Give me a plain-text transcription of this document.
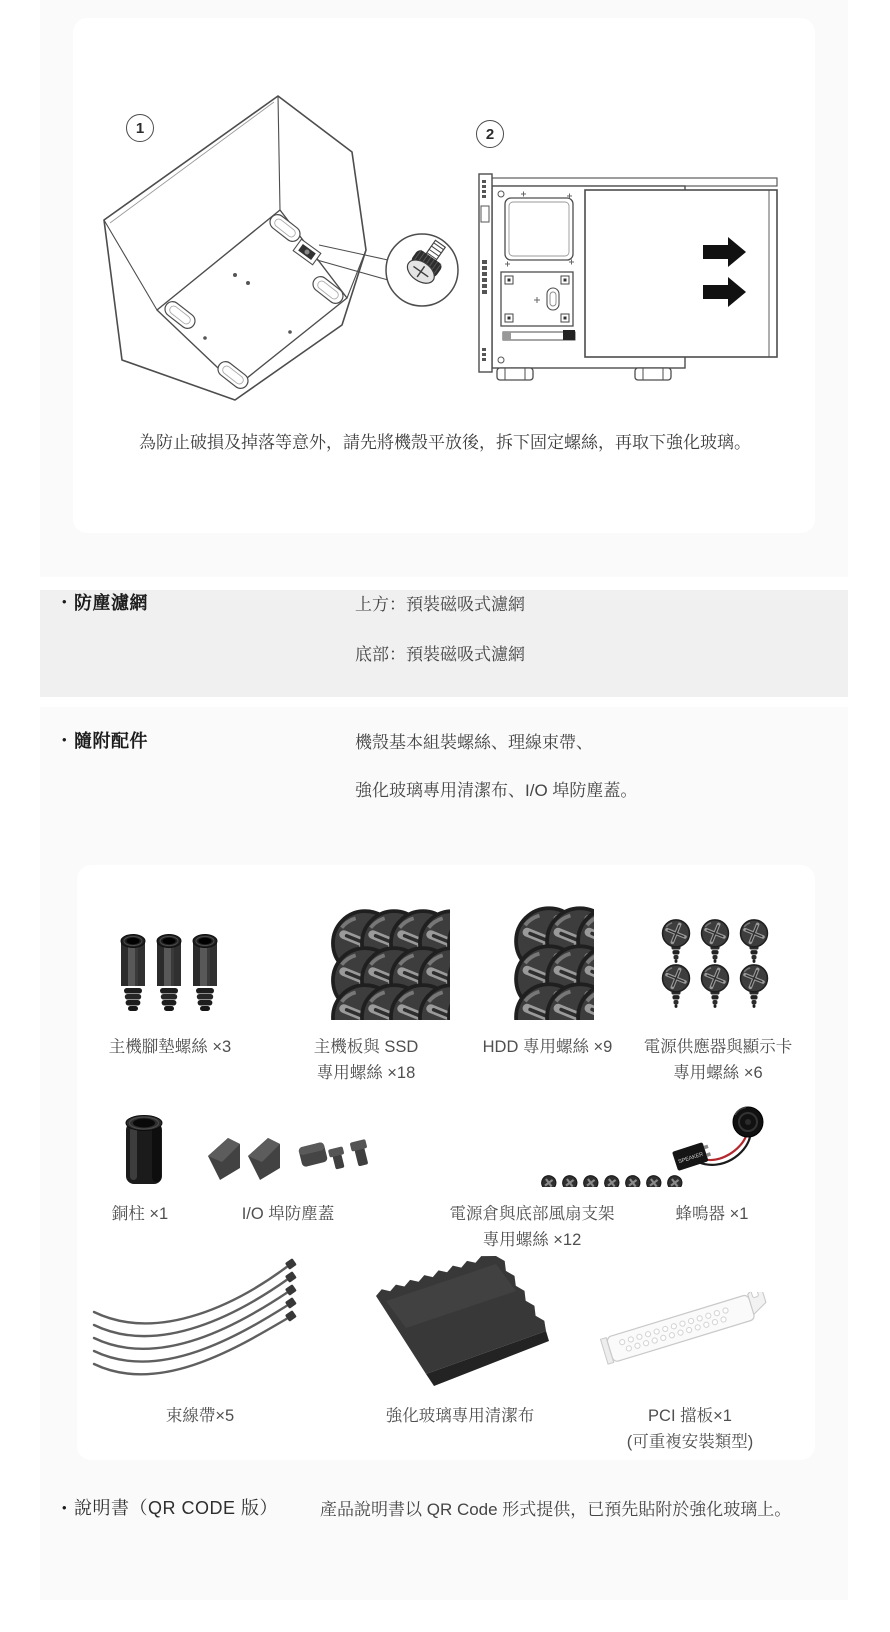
1	2
為防止破損及掉落等意外，請先將機殼平放後，拆下固定螺絲，再取下強化玻璃。
• 防塵濾網	上方：預裝磁吸式濾網
底部：預裝磁吸式濾網
• 隨附配件	機殼基本組裝螺絲、理線束帶、
強化玻璃專用清潔布、I/O 埠防塵蓋。
主機腳墊螺絲 ×3	主機板與 SSD
專用螺絲 ×18
HDD 專用螺絲 ×9	電源供應器與顯示卡
專用螺絲 ×6
SPEAKER
銅柱 ×1	I/O 埠防塵蓋	電源倉與底部風扇支架
專用螺絲 ×12
蜂鳴器 ×1
束線帶×5	強化玻璃專用清潔布	PCI 擋板×1
(可重複安裝類型)
• 說明書（QR CODE 版） 產品說明書以 QR Code 形式提供，已預先貼附於強化玻璃上。
